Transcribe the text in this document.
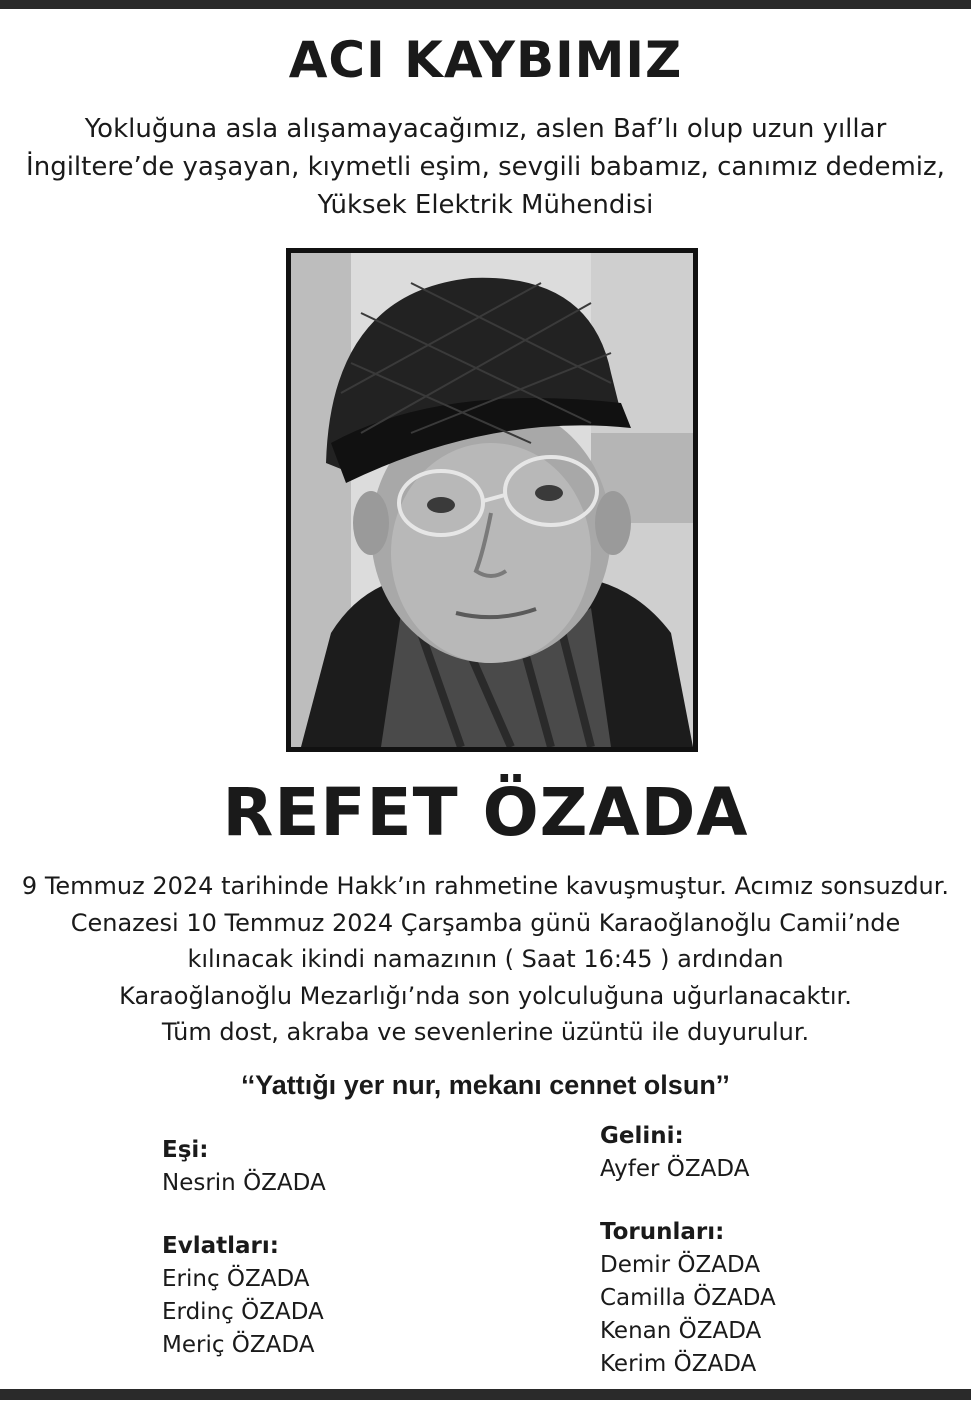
ACI KAYBIMIZ
Yokluğuna asla alışamayacağımız, aslen Baf’lı olup uzun yıllar
İngiltere’de yaşayan, kıymetli eşim, sevgili babamız, canımız dedemiz,
Yüksek Elektrik Mühendisi
REFET ÖZADA
9 Temmuz 2024 tarihinde Hakk’ın rahmetine kavuşmuştur. Acımız sonsuzdur.
Cenazesi 10 Temmuz 2024 Çarşamba günü Karaoğlanoğlu Camii’nde
kılınacak ikindi namazının ( Saat 16:45 ) ardından
Karaoğlanoğlu Mezarlığı’nda son yolculuğuna uğurlanacaktır.
Tüm dost, akraba ve sevenlerine üzüntü ile duyurulur.
‘‘Yattığı yer nur, mekanı cennet olsun’’
Eşi:
Nesrin ÖZADA
Evlatları:
Erinç ÖZADA
Erdinç ÖZADA
Meriç ÖZADA
Gelini:
Ayfer ÖZADA
Torunları:
Demir ÖZADA
Camilla ÖZADA
Kenan ÖZADA
Kerim ÖZADA
